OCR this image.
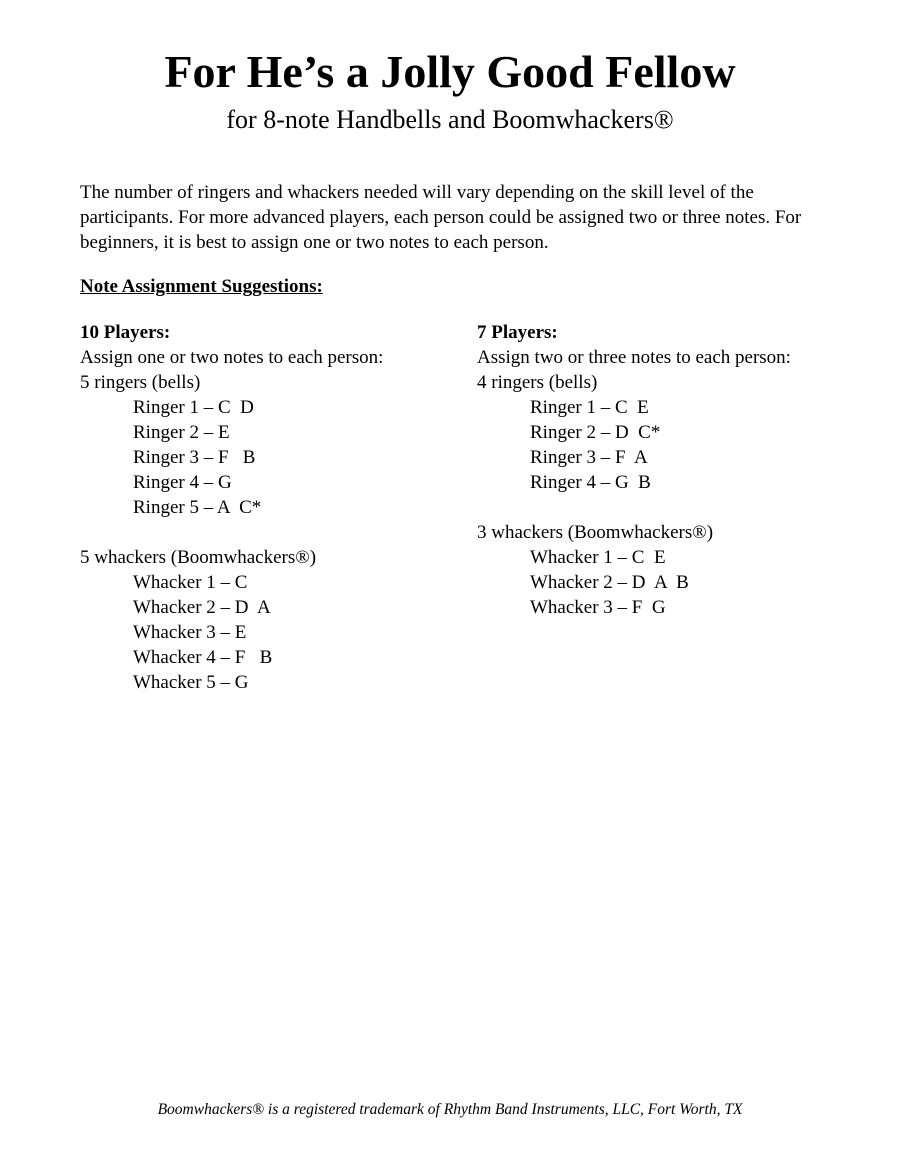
For He’s a Jolly Good Fellow

for 8-note Handbells and Boomwhackers®

The number of ringers and whackers needed will vary depending on the skill level of the participants. For more advanced players, each person could be assigned two or three notes. For beginners, it is best to assign one or two notes to each person.

Note Assignment Suggestions:

10 Players:

Assign one or two notes to each person:

5 ringers (bells)

Ringer 1 – C  D

Ringer 2 – E

Ringer 3 – F   B

Ringer 4 – G

Ringer 5 – A  C*

5 whackers (Boomwhackers®)

Whacker 1 – C

Whacker 2 – D  A

Whacker 3 – E

Whacker 4 – F   B

Whacker 5 – G

7 Players:

Assign two or three notes to each person:

4 ringers (bells)

Ringer 1 – C  E

Ringer 2 – D  C*

Ringer 3 – F  A

Ringer 4 – G  B

3 whackers (Boomwhackers®)

Whacker 1 – C  E

Whacker 2 – D  A  B

Whacker 3 – F  G

Boomwhackers® is a registered trademark of Rhythm Band Instruments, LLC, Fort Worth, TX
